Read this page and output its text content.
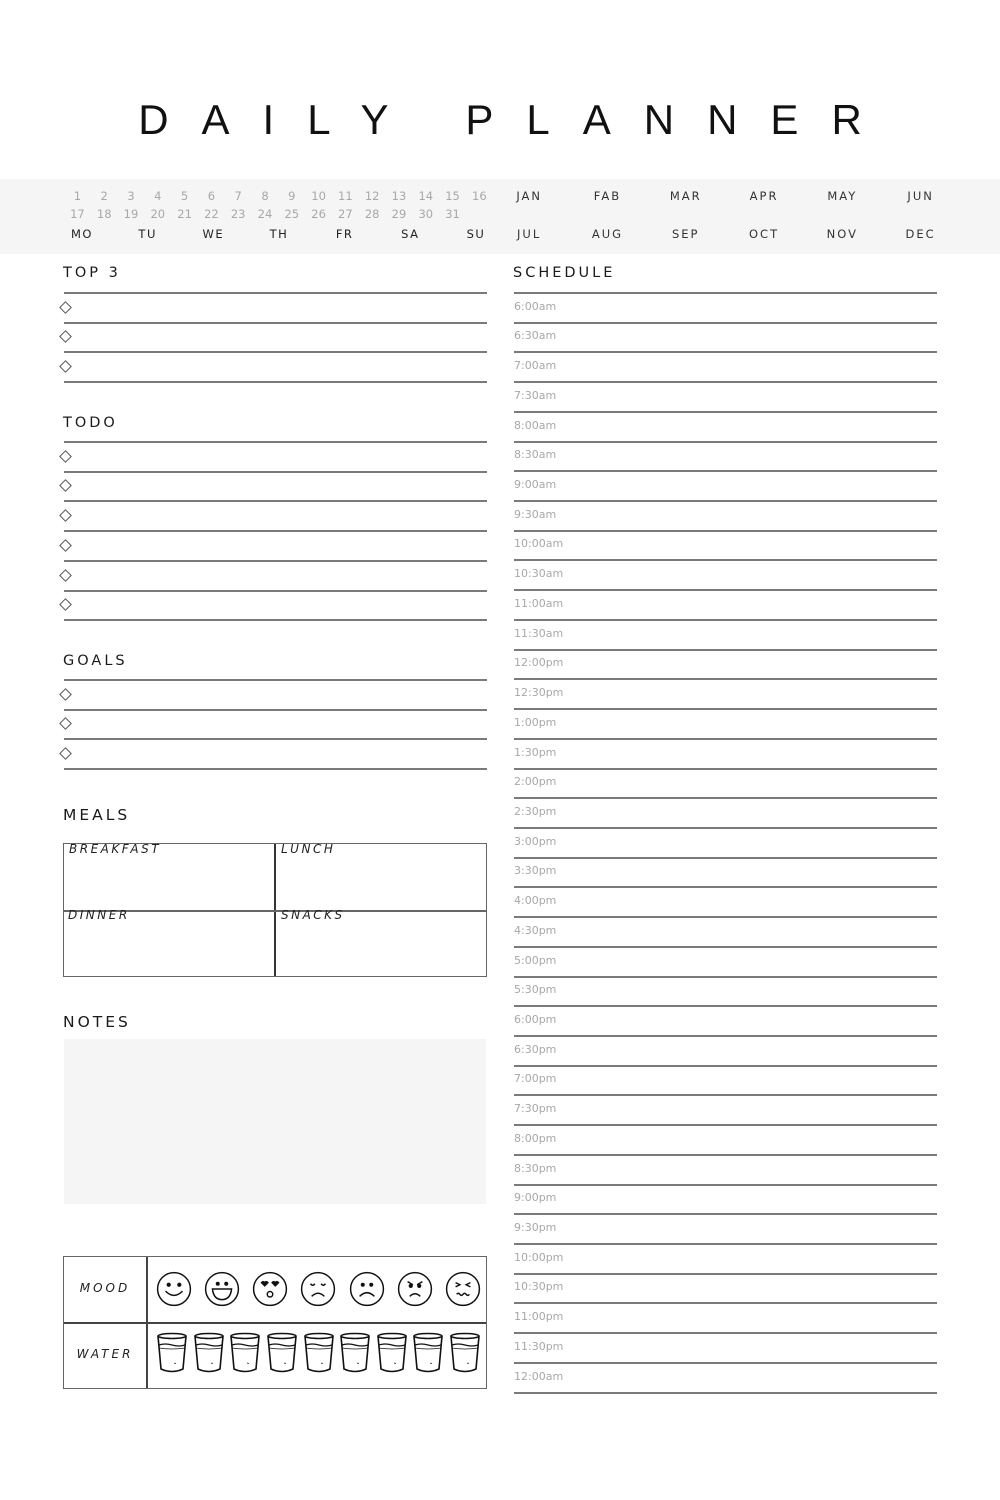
DAILY PLANNER
1	2	3	4	5	6	7	8	9	10	11	12	13	14	15	16
17	18	19	20	21	22	23	24	25	26	27	28	29	30	31
MO	TU	WE	TH	FR	SA	SU
JAN	FAB	MAR	APR	MAY	JUN
JUL	AUG	SEP	OCT	NOV	DEC
TOP 3
TODO
GOALS
MEALS
BREAKFAST	LUNCH
DINNER	SNACKS
NOTES
MOOD
WATER
SCHEDULE
6:00am
6:30am
7:00am
7:30am
8:00am
8:30am
9:00am
9:30am
10:00am
10:30am
11:00am
11:30am
12:00pm
12:30pm
1:00pm
1:30pm
2:00pm
2:30pm
3:00pm
3:30pm
4:00pm
4:30pm
5:00pm
5:30pm
6:00pm
6:30pm
7:00pm
7:30pm
8:00pm
8:30pm
9:00pm
9:30pm
10:00pm
10:30pm
11:00pm
11:30pm
12:00am
